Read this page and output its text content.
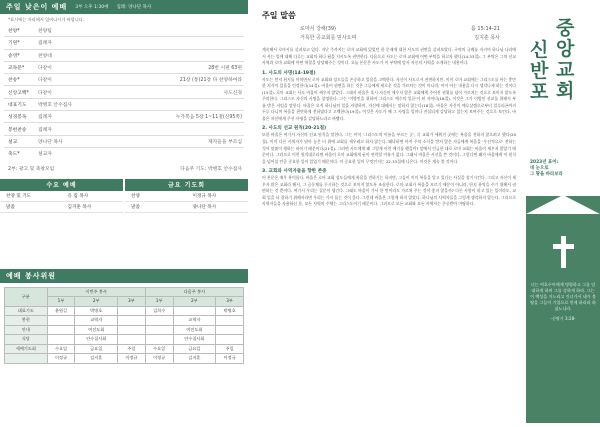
주일 낮은이 예배 3부 오후 1:30예 집례: 양나단 목사
*표시에는 자리에서 일어나시기 바랍니다.
찬양*	찬양팀
기원*	집례자
송영*	찬양대
교독문*	다같이	28번 시편 63편
찬송*	다같이	21장 (통)21장 다 찬양하여라
신앙고백*	다같이	사도신경
대표기도	박병호 안수집사
성경봉독	집례자	누가복음 5장 1~11절(신95쪽)
봉헌찬송	집례자
설교	양나단 목사	제자들을 부르심
축도*	설교자
2부: 광고 및 축창모임	다음주 기도: 박병호 안수집사
수요 예배
찬양 및 기도	유 집 목사
말씀	김지훈 목사
금요 기도회
찬양	이정규 목사
말씀	양나단 목사
예배 봉사위원
구분	이번주 봉사			다음주 봉사		
	1부	2부	3부	1부	2부	3부
대표기도	윤원길	박병호		김희수		박병호
봉헌		교역자			교역자	
안내		여전도회			여전도회	
식당		안수집사회			안수집사회	
세예기도회	수요일	금요일	주일	수요일	금요일	주일
	이정규	김지훈	이정규	이정규	김지훈	이정규
주일 말씀
로마서 강해(39)	롬 15:14-21
거룩한 공교회를 믿사오며	김지훈 목사

계속해서 로마서를 살펴보고 있다. 지난 주까지는 로마 교회에 있었던 한 문제에 대한 사도의 권면을 살펴보았다. 구약의 규례를 지키며 하나님 나라에서 사는 일에 대해 다루는 교회의 하나 됨을 지키도록 권면한다. 다음으로 사도는 로마 교회에 어떤 부탁을 하고자 했다(14-33절). 그 부탁은 그의 선교 사역과 로마 교회에 어떤 역할을 담당해주는 것이다. 오늘 본문은 사도가 이 부탁에 앞서 자신의 사역을 소개하는 내용이다.

1. 사도의 사명(14-19절)

사도는 먼저 편지를 마치면서 로마 교회와 성도들을 존중하고 있음을 고백한다. 자신이 사도로서 권면하지만, 이미 로마 교회에는 그리스도를 아는 충만한 지식이 있음을 인정한다(14절). 바울이 권면을 하는 것은 그들에게 새로운 것을 가르치는 것이 아니라, 이미 아는 내용을 다시 생각나게 하는 것이다(15절). 로마 교회는 사도 바울이 세우지 않았다. 그래서 바울은 혹시 자신이 세우지 않은 교회에게 주어진 권위를 넘어 가르치는 것으로 보이지 않도록 주의한다. 그리스도 자신의 사명을 설명한다. 그는 '이방인을 위하여 그리스도 예수의 일꾼'이 된 자이다(16절). 이것은 그가 이방인 선교를 위해서 부름 받은 자임을 말한다. 바울은 오직 하나님의 일을 자랑하며, 자신에 대해서는 말하지 않는다(18절). 바울은 자신이 예루살렘으로부터 일루리곤까지 두루 다니며 복음을 편만하게 전하였다고 고백한다(19절). 이것은 사도가 해 그 사명을 얼마나 진실되게 감당하고 있는지 보여주는 것으로 보인다. 바울은 자신에게 주신 사명을 감당하느라고 바빴다.

2. 사도의 선교 원칙(20-21절)

또한 바울은 여기서 자신의 선교 원칙을 말한다. 그는 이미 '그리스도의 이름을 부르는 곳', 즉 교회가 세워진 곳에는 복음을 전하지 않으려고 했다(20절). 이미 다른 사역자가 닦아 놓은 터 위에 교회를 세우려고 하지 않는다. 왜냐하면 아직 주의 소식을 받지 않은 자들에게 복음을 '우선적으로' 전하는 것이 말씀이 행하는 바이기 때문이다(21절). 그러면 사도에게 왜 그렇게 이런 예기를 했을까? 앞에서 언급한 대로 로마 교회는 바울이 세우지 않았기 때문이다. 그러므로 이런 원칙대로라면 바울이 로마 교회에게 굳이 연락할 이유가 없다. 그래서 바울은 서신을 쓴 것이다. 그렇다면 왜가 바울에게 이 원칙을 넘어설 만큼 중요한 일이 있었기 때문이다. 이 중요한 일이 무엇인지는 22-33절에 나온다. 이것은 계속 볼 것이다.

3. 교회와 사역자들을 향한 존중

이 본문은 매우 흥미롭다. 바울은 로마 교회 성도들에게 복음을 전하기는 하지만, 그들이 이미 복음을 알고 있다는 사실을 상기시킨다. 그리고 자신이 세우지 않은 교회라 해서, 그 공동체를 무시하는 것으로 보이지 않도록 조심한다. 로마 교회가 복음을 모르기 때문이 아니라, 단지 유익을 주기 위해서 권면하는 것 뿐이다. 여기서 우리는 질문이 생긴다. 그래도 바울이 가서 한 번이라도 가르쳐 주는 것이 좋지 않을까? 다른 사람이 하고 있는 일이라도, 교회 일을 더 잘하기 위해서라면 우리는 가서 돕는 것이 좋다. 그런데 바울은 그렇게 하지 않았다. 하나님의 사역자들을 그렇게 생각하지 않는다. 그러므로 사역자들을 사용하신 분, 모든 사역의 주체는 그리스도이기 때문이다. 그러므로 모든 교회와 모든 사역자는 존중받아 마땅하다.

신반포
중앙교회
2023년 표어:
네 눈으로
그 땅을 바라보라
너는 여호수아에게 명령하고 그를 담대하게 하며 그를 강하게 하라. 그는 이 백성을 거느리고 건너가서 네가 볼 땅을 그들이 기업으로 얻게 하리라 하셨느니라.
-신명기 3:28-
